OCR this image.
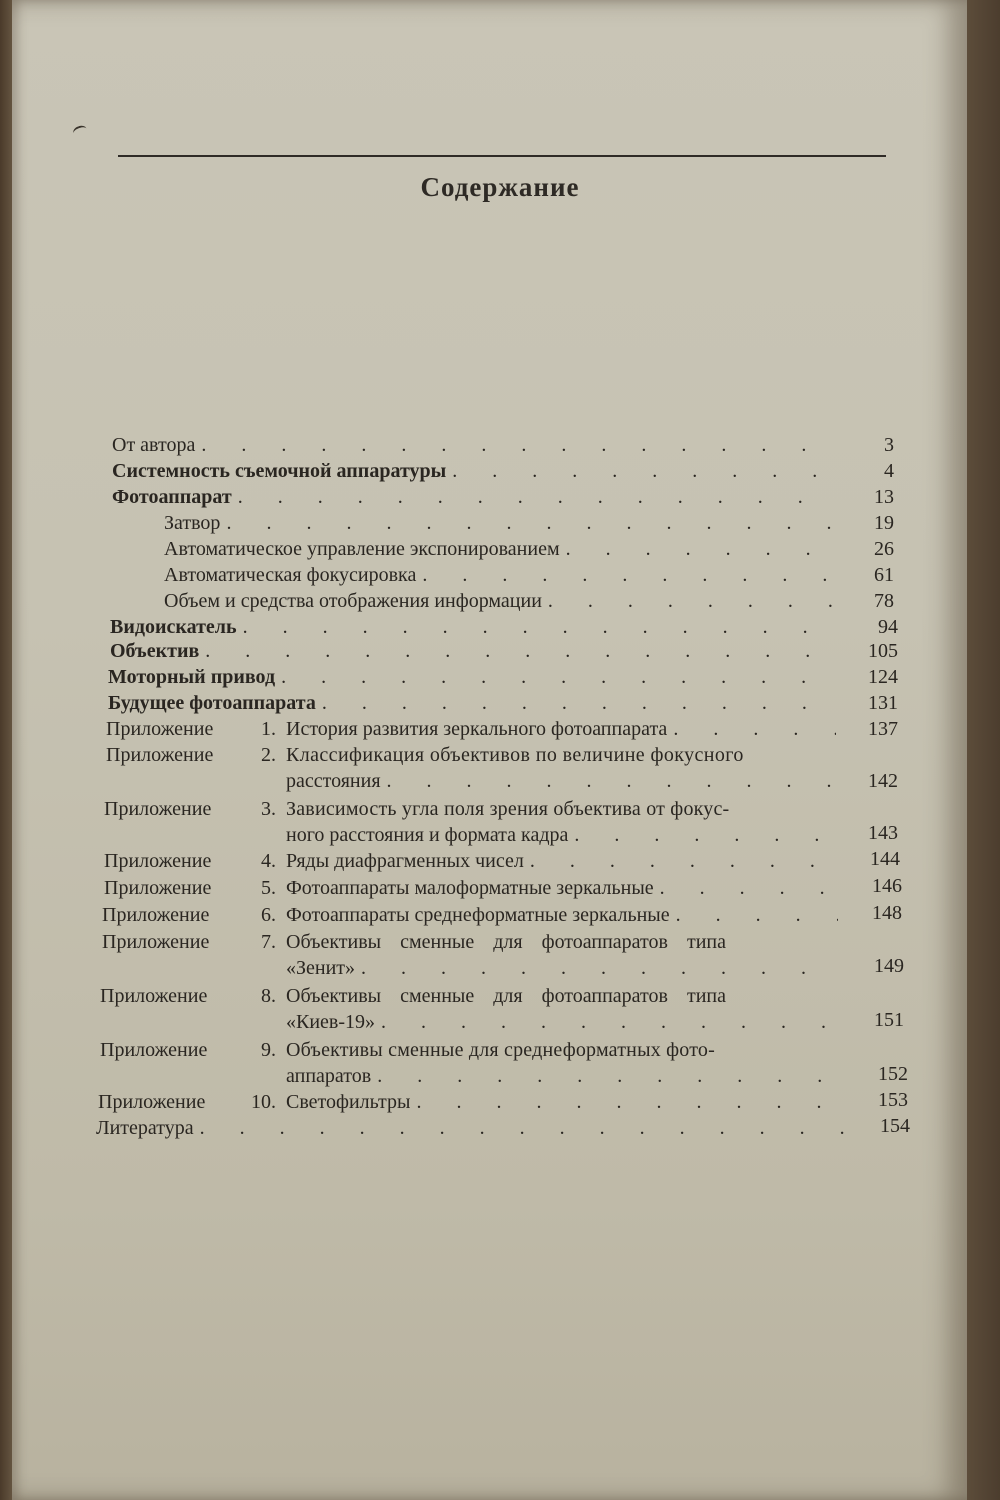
Содержание
От автора . . .	3
Системность съемочной аппаратуры . . .	4
Фотоаппарат . . .	13
Затвор . . .	19
Автоматическое управление экспонированием . . .	26
Автоматическая фокусировка . . .	61
Объем и средства отображения информации . . .	78
Видоискатель . . .	94
Объектив . . .	105
Моторный привод . . .	124
Будущее фотоаппарата . . .	131
Приложение	1. История развития зеркального фотоаппарата . . .	137
Приложение	2. Классификация объективов по величине фокусного
расстояния . . .	142
Приложение	3. Зависимость угла поля зрения объектива от фокус-
ного расстояния и формата кадра . . .	143
Приложение	4. Ряды диафрагменных чисел . . .	144
Приложение	5. Фотоаппараты малоформатные зеркальные . . .	146
Приложение	6. Фотоаппараты среднеформатные зеркальные . . .	148
Приложение	7. Объективы сменные для фотоаппаратов типа
«Зенит» . . .	149
Приложение	8. Объективы сменные для фотоаппаратов типа
«Киев-19» . . .	151
Приложение	9. Объективы сменные для среднеформатных фото-
аппаратов . . .	152
Приложение	10. Светофильтры . . .	153
Литература . . .	154
